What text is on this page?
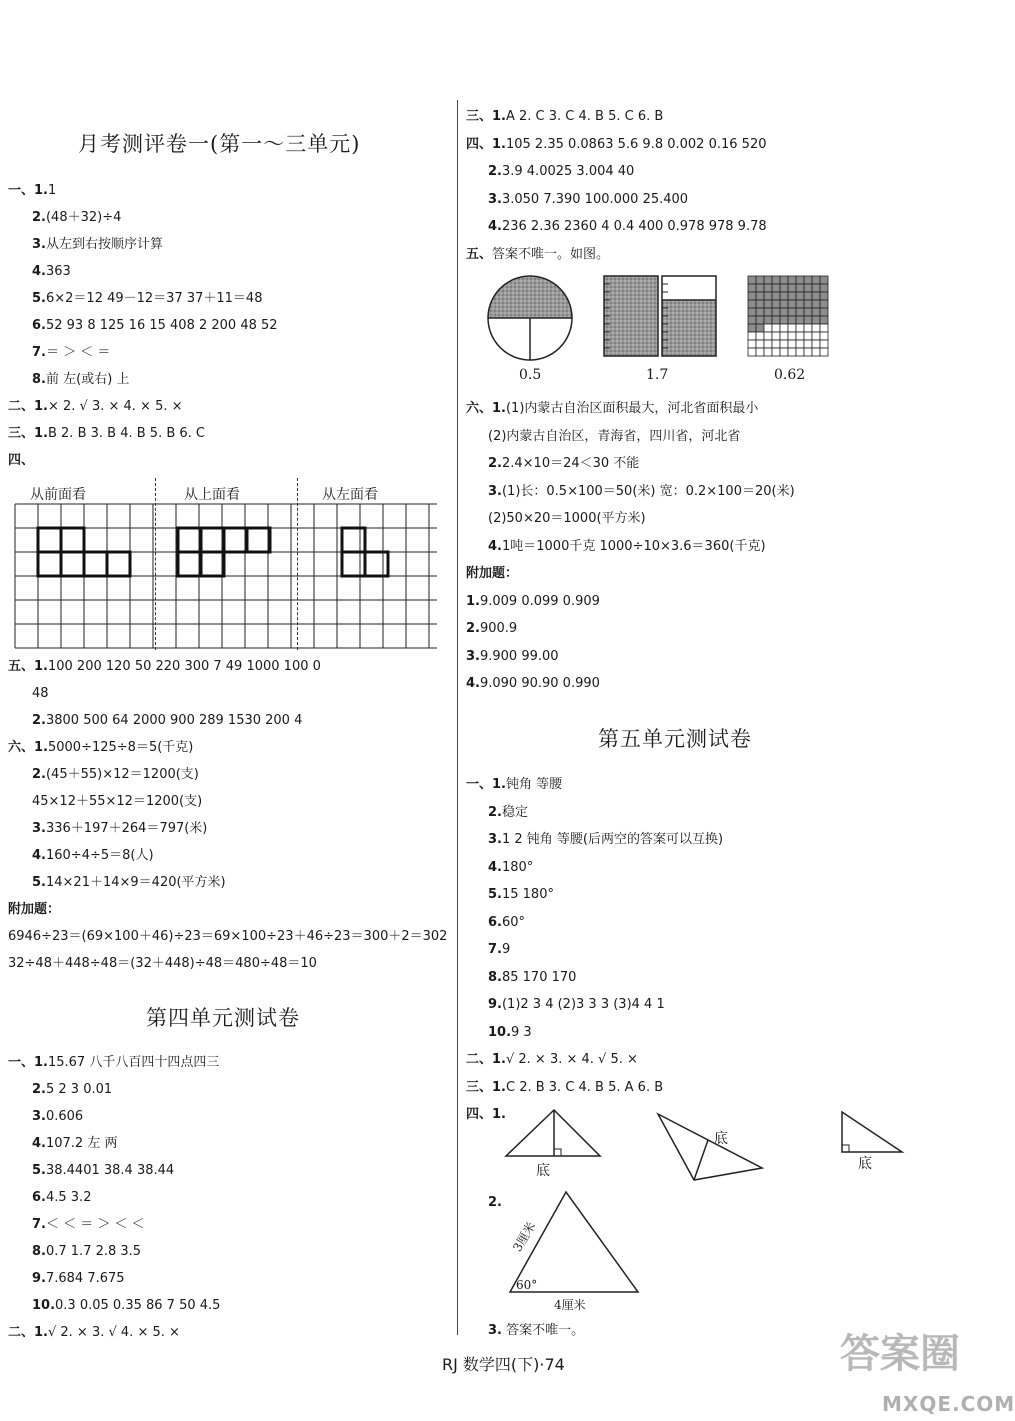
月考测评卷一(第一～三单元)
一、1.1
2.(48＋32)÷4
3.从左到右按顺序计算
4.363
5.6×2＝12 49－12＝37 37＋11＝48
6.52 93 8 125 16 15 408 2 200 48 52
7.＝ ＞ ＜ ＝
8.前 左(或右) 上
二、1.× 2. √ 3. × 4. × 5. ×
三、1.B 2. B 3. B 4. B 5. B 6. C
四、
从前面看	从上面看	从左面看
五、1.100 200 120 50 220 300 7 49 1000 100 0
48
2.3800 500 64 2000 900 289 1530 200 4
六、1.5000÷125÷8＝5(千克)
2.(45＋55)×12＝1200(支)
45×12＋55×12＝1200(支)
3.336＋197＋264＝797(米)
4.160÷4÷5＝8(人)
5.14×21＋14×9＝420(平方米)
附加题：
6946÷23＝(69×100＋46)÷23＝69×100÷23＋46÷23＝300＋2＝302
32÷48＋448÷48＝(32＋448)÷48＝480÷48＝10
第四单元测试卷
一、1.15.67 八千八百四十四点四三
2.5 2 3 0.01
3.0.606
4.107.2 左 两
5.38.4401 38.4 38.44
6.4.5 3.2
7.＜ ＜ ＝ ＞ ＜ ＜
8.0.7 1.7 2.8 3.5
9.7.684 7.675
10.0.3 0.05 0.35 86 7 50 4.5
二、1.√ 2. × 3. √ 4. × 5. ×
三、1.A 2. C 3. C 4. B 5. C 6. B
四、1.105 2.35 0.0863 5.6 9.8 0.002 0.16 520
2.3.9 4.0025 3.004 40
3.3.050 7.390 100.000 25.400
4.236 2.36 2360 4 0.4 400 0.978 978 9.78
五、答案不唯一。如图。
0.5	1.7	0.62
六、1.(1)内蒙古自治区面积最大，河北省面积最小
(2)内蒙古自治区，青海省，四川省，河北省
2.2.4×10＝24＜30 不能
3.(1)长：0.5×100＝50(米) 宽：0.2×100＝20(米)
(2)50×20＝1000(平方米)
4.1吨＝1000千克 1000÷10×3.6＝360(千克)
附加题：
1.9.009 0.099 0.909
2.900.9
3.9.900 99.00
4.9.090 90.90 0.990
第五单元测试卷
一、1.钝角 等腰
2.稳定
3.1 2 钝角 等腰(后两空的答案可以互换)
4.180°
5.15 180°
6.60°
7.9
8.85 170 170
9.(1)2 3 4 (2)3 3 3 (3)4 4 1
10.9 3
二、1.√ 2. × 3. × 4. √ 5. ×
三、1.C 2. B 3. C 4. B 5. A 6. B
四、1.
底
底
底
2.
3厘米
60°
4厘米
3. 答案不唯一。
RJ 数学四(下)·74	答案圈
MXQE.COM
